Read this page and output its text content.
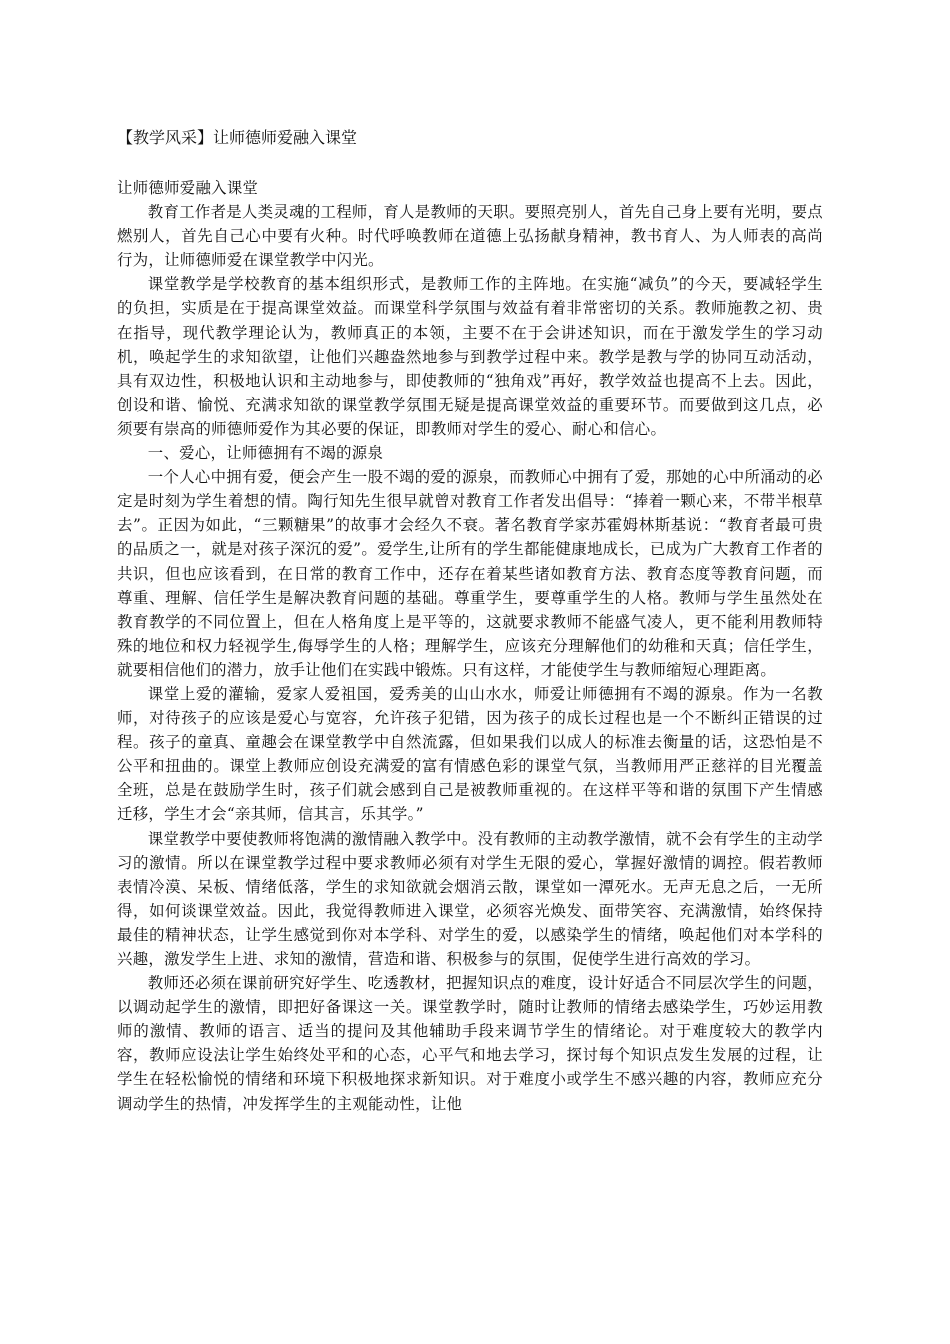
【教学风采】让师德师爱融入课堂

让师德师爱融入课堂

教育工作者是人类灵魂的工程师，育人是教师的天职。要照亮别人，首先自己身上要有光明，要点燃别人，首先自己心中要有火种。时代呼唤教师在道德上弘扬献身精神，教书育人、为人师表的高尚行为，让师德师爱在课堂教学中闪光。

课堂教学是学校教育的基本组织形式，是教师工作的主阵地。在实施“减负”的今天，要减轻学生的负担，实质是在于提高课堂效益。而课堂科学氛围与效益有着非常密切的关系。教师施教之初、贵在指导，现代教学理论认为，教师真正的本领，主要不在于会讲述知识，而在于激发学生的学习动机，唤起学生的求知欲望，让他们兴趣盎然地参与到教学过程中来。教学是教与学的协同互动活动，具有双边性，积极地认识和主动地参与，即使教师的“独角戏”再好，教学效益也提高不上去。因此，创设和谐、愉悦、充满求知欲的课堂教学氛围无疑是提高课堂效益的重要环节。而要做到这几点，必须要有崇高的师德师爱作为其必要的保证，即教师对学生的爱心、耐心和信心。

一、爱心，让师德拥有不竭的源泉

一个人心中拥有爱，便会产生一股不竭的爱的源泉，而教师心中拥有了爱，那她的心中所涌动的必定是时刻为学生着想的情。陶行知先生很早就曾对教育工作者发出倡导：“捧着一颗心来，不带半根草去”。正因为如此，“三颗糖果”的故事才会经久不衰。著名教育学家苏霍姆林斯基说：“教育者最可贵的品质之一，就是对孩子深沉的爱”。爱学生,让所有的学生都能健康地成长，已成为广大教育工作者的共识，但也应该看到，在日常的教育工作中，还存在着某些诸如教育方法、教育态度等教育问题，而尊重、理解、信任学生是解决教育问题的基础。尊重学生，要尊重学生的人格。教师与学生虽然处在教育教学的不同位置上，但在人格角度上是平等的，这就要求教师不能盛气凌人，更不能利用教师特殊的地位和权力轻视学生,侮辱学生的人格；理解学生，应该充分理解他们的幼稚和天真；信任学生，就要相信他们的潜力，放手让他们在实践中锻炼。只有这样，才能使学生与教师缩短心理距离。

课堂上爱的灌输，爱家人爱祖国，爱秀美的山山水水，师爱让师德拥有不竭的源泉。作为一名教师，对待孩子的应该是爱心与宽容，允许孩子犯错，因为孩子的成长过程也是一个不断纠正错误的过程。孩子的童真、童趣会在课堂教学中自然流露，但如果我们以成人的标准去衡量的话，这恐怕是不公平和扭曲的。课堂上教师应创设充满爱的富有情感色彩的课堂气氛，当教师用严正慈祥的目光覆盖全班，总是在鼓励学生时，孩子们就会感到自己是被教师重视的。在这样平等和谐的氛围下产生情感迁移，学生才会“亲其师，信其言，乐其学。”

课堂教学中要使教师将饱满的激情融入教学中。没有教师的主动教学激情，就不会有学生的主动学习的激情。所以在课堂教学过程中要求教师必须有对学生无限的爱心，掌握好激情的调控。假若教师表情冷漠、呆板、情绪低落，学生的求知欲就会烟消云散，课堂如一潭死水。无声无息之后，一无所得，如何谈课堂效益。因此，我觉得教师进入课堂，必须容光焕发、面带笑容、充满激情，始终保持最佳的精神状态，让学生感觉到你对本学科、对学生的爱，以感染学生的情绪，唤起他们对本学科的兴趣，激发学生上进、求知的激情，营造和谐、积极参与的氛围，促使学生进行高效的学习。

教师还必须在课前研究好学生、吃透教材，把握知识点的难度，设计好适合不同层次学生的问题，以调动起学生的激情，即把好备课这一关。课堂教学时，随时让教师的情绪去感染学生，巧妙运用教师的激情、教师的语言、适当的提问及其他辅助手段来调节学生的情绪论。对于难度较大的教学内容，教师应设法让学生始终处平和的心态，心平气和地去学习，探讨每个知识点发生发展的过程，让学生在轻松愉悦的情绪和环境下积极地探求新知识。对于难度小或学生不感兴趣的内容，教师应充分调动学生的热情，冲发挥学生的主观能动性，让他
